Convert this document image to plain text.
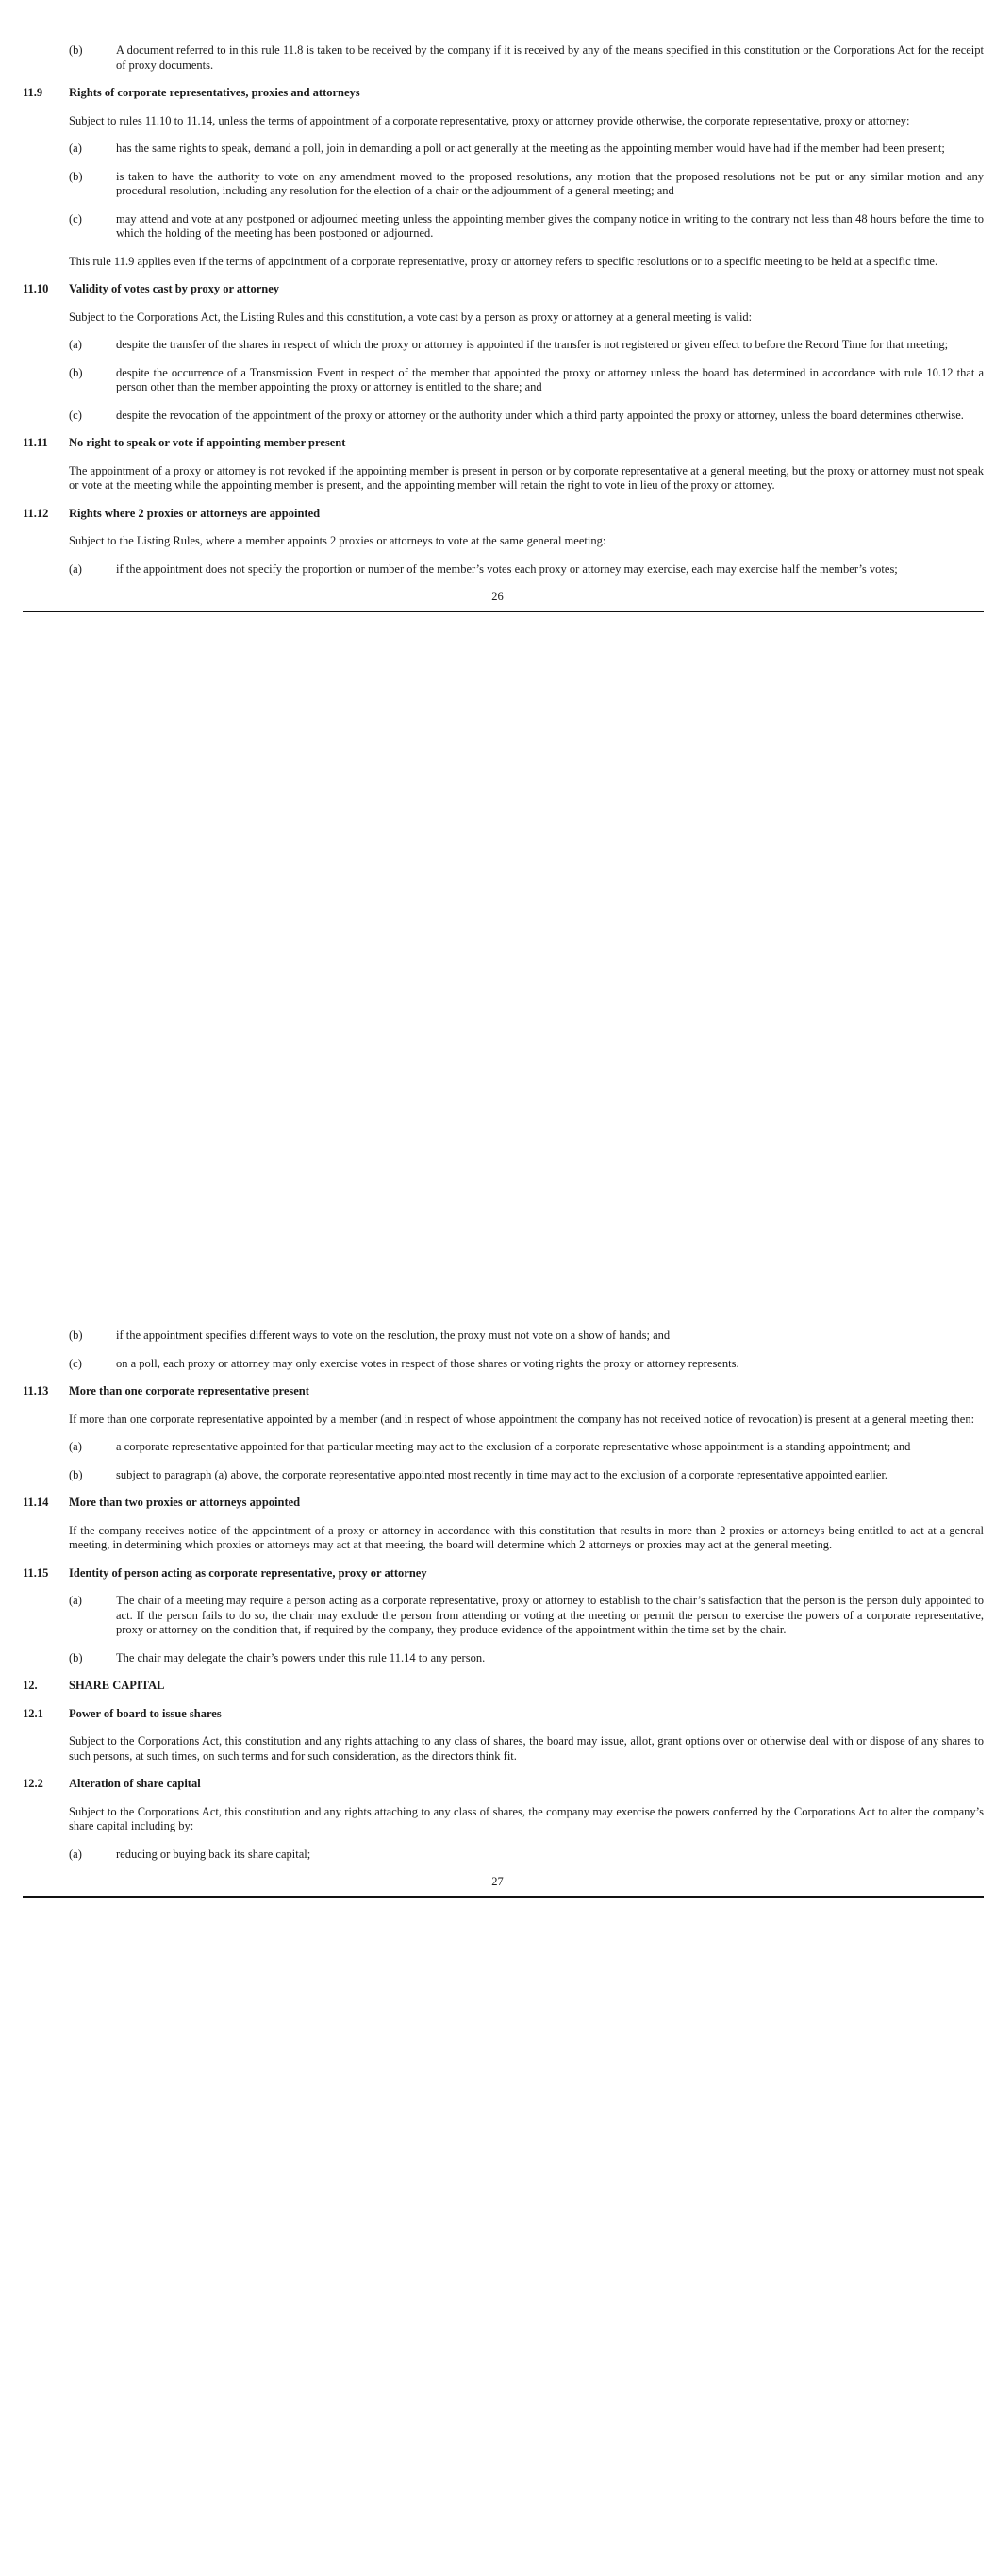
(b)	A document referred to in this rule 11.8 is taken to be received by the company if it is received by any of the means specified in this constitution or the Corporations Act for the receipt of proxy documents.
11.9 Rights of corporate representatives, proxies and attorneys

Subject to rules 11.10 to 11.14, unless the terms of appointment of a corporate representative, proxy or attorney provide otherwise, the corporate representative, proxy or attorney:

(a)	has the same rights to speak, demand a poll, join in demanding a poll or act generally at the meeting as the appointing member would have had if the member had been present;
(b)	is taken to have the authority to vote on any amendment moved to the proposed resolutions, any motion that the proposed resolutions not be put or any similar motion and any procedural resolution, including any resolution for the election of a chair or the adjournment of a general meeting; and
(c)	may attend and vote at any postponed or adjourned meeting unless the appointing member gives the company notice in writing to the contrary not less than 48 hours before the time to which the holding of the meeting has been postponed or adjourned.

This rule 11.9 applies even if the terms of appointment of a corporate representative, proxy or attorney refers to specific resolutions or to a specific meeting to be held at a specific time.

11.10 Validity of votes cast by proxy or attorney

Subject to the Corporations Act, the Listing Rules and this constitution, a vote cast by a person as proxy or attorney at a general meeting is valid:

(a)	despite the transfer of the shares in respect of which the proxy or attorney is appointed if the transfer is not registered or given effect to before the Record Time for that meeting;
(b)	despite the occurrence of a Transmission Event in respect of the member that appointed the proxy or attorney unless the board has determined in accordance with rule 10.12 that a person other than the member appointing the proxy or attorney is entitled to the share; and
(c)	despite the revocation of the appointment of the proxy or attorney or the authority under which a third party appointed the proxy or attorney, unless the board determines otherwise.
11.11 No right to speak or vote if appointing member present

The appointment of a proxy or attorney is not revoked if the appointing member is present in person or by corporate representative at a general meeting, but the proxy or attorney must not speak or vote at the meeting while the appointing member is present, and the appointing member will retain the right to vote in lieu of the proxy or attorney.

11.12 Rights where 2 proxies or attorneys are appointed

Subject to the Listing Rules, where a member appoints 2 proxies or attorneys to vote at the same general meeting:

(a)	if the appointment does not specify the proportion or number of the member’s votes each proxy or attorney may exercise, each may exercise half the member’s votes;
26
(b)	if the appointment specifies different ways to vote on the resolution, the proxy must not vote on a show of hands; and
(c)	on a poll, each proxy or attorney may only exercise votes in respect of those shares or voting rights the proxy or attorney represents.
11.13 More than one corporate representative present

If more than one corporate representative appointed by a member (and in respect of whose appointment the company has not received notice of revocation) is present at a general meeting then:

(a)	a corporate representative appointed for that particular meeting may act to the exclusion of a corporate representative whose appointment is a standing appointment; and
(b)	subject to paragraph (a) above, the corporate representative appointed most recently in time may act to the exclusion of a corporate representative appointed earlier.
11.14 More than two proxies or attorneys appointed

If the company receives notice of the appointment of a proxy or attorney in accordance with this constitution that results in more than 2 proxies or attorneys being entitled to act at a general meeting, in determining which proxies or attorneys may act at that meeting, the board will determine which 2 attorneys or proxies may act at the general meeting.

11.15 Identity of person acting as corporate representative, proxy or attorney
(a)	The chair of a meeting may require a person acting as a corporate representative, proxy or attorney to establish to the chair’s satisfaction that the person is the person duly appointed to act. If the person fails to do so, the chair may exclude the person from attending or voting at the meeting or permit the person to exercise the powers of a corporate representative, proxy or attorney on the condition that, if required by the company, they produce evidence of the appointment within the time set by the chair.
(b)	The chair may delegate the chair’s powers under this rule 11.14 to any person.
12.	SHARE CAPITAL
12.1 Power of board to issue shares

Subject to the Corporations Act, this constitution and any rights attaching to any class of shares, the board may issue, allot, grant options over or otherwise deal with or dispose of any shares to such persons, at such times, on such terms and for such consideration, as the directors think fit.

12.2 Alteration of share capital

Subject to the Corporations Act, this constitution and any rights attaching to any class of shares, the company may exercise the powers conferred by the Corporations Act to alter the company’s share capital including by:

(a)	reducing or buying back its share capital;
27
